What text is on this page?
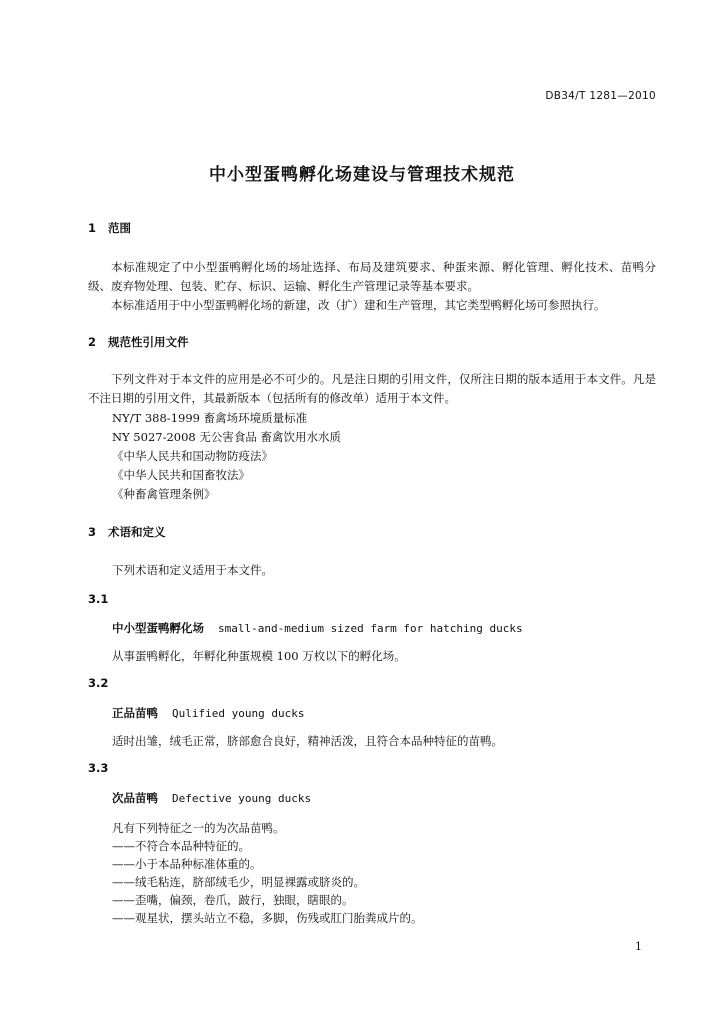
DB34/T 1281—2010
中小型蛋鸭孵化场建设与管理技术规范
1 范围
本标准规定了中小型蛋鸭孵化场的场址选择、布局及建筑要求、种蛋来源、孵化管理、孵化技术、苗鸭分级、废弃物处理、包装、贮存、标识、运输、孵化生产管理记录等基本要求。
本标准适用于中小型蛋鸭孵化场的新建，改（扩）建和生产管理，其它类型鸭孵化场可参照执行。
2 规范性引用文件
下列文件对于本文件的应用是必不可少的。凡是注日期的引用文件，仅所注日期的版本适用于本文件。凡是不注日期的引用文件，其最新版本（包括所有的修改单）适用于本文件。
NY/T 388-1999 畜禽场环境质量标准
NY 5027-2008 无公害食品 畜禽饮用水水质
《中华人民共和国动物防疫法》
《中华人民共和国畜牧法》
《种畜禽管理条例》
3 术语和定义
下列术语和定义适用于本文件。
3.1
中小型蛋鸭孵化场 small-and-medium sized farm for hatching ducks
从事蛋鸭孵化，年孵化种蛋规模 100 万枚以下的孵化场。
3.2
正品苗鸭 Qulified young ducks
适时出雏，绒毛正常，脐部愈合良好，精神活泼，且符合本品种特征的苗鸭。
3.3
次品苗鸭 Defective young ducks
凡有下列特征之一的为次品苗鸭。
——不符合本品种特征的。
——小于本品种标准体重的。
——绒毛粘连，脐部绒毛少，明显裸露或脐炎的。
——歪嘴，偏颈，卷爪，跛行，独眼，瞎眼的。
——观星状，摆头站立不稳，多脚，伤残或肛门胎粪成片的。
1
